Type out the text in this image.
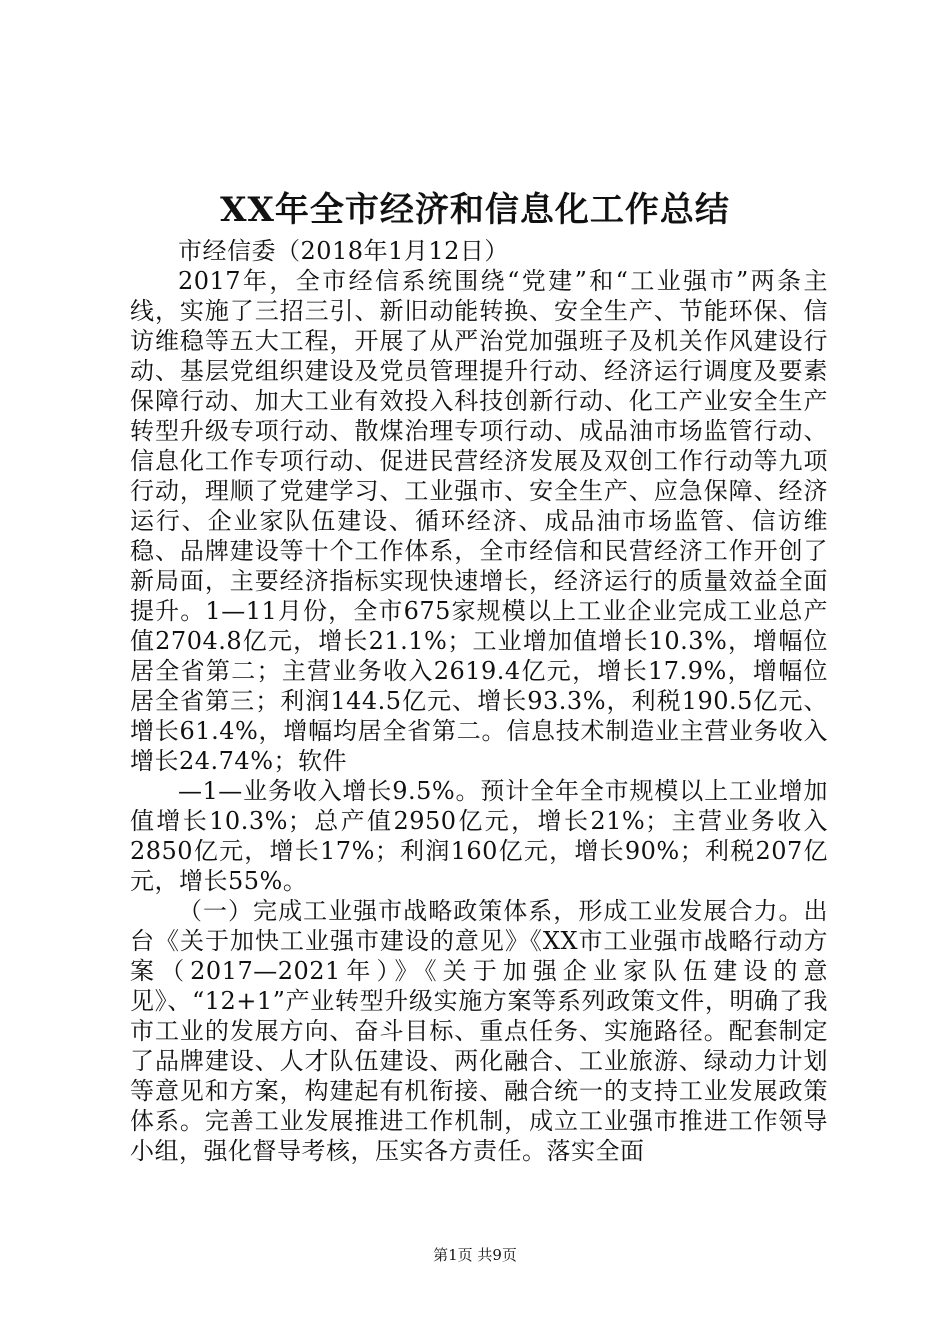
XX年全市经济和信息化工作总结

市经信委（2018年1月12日）

2017年，全市经信系统围绕“党建”和“工业强市”两条主线，实施了三招三引、新旧动能转换、安全生产、节能环保、信访维稳等五大工程，开展了从严治党加强班子及机关作风建设行动、基层党组织建设及党员管理提升行动、经济运行调度及要素保障行动、加大工业有效投入科技创新行动、化工产业安全生产转型升级专项行动、散煤治理专项行动、成品油市场监管行动、信息化工作专项行动、促进民营经济发展及双创工作行动等九项行动，理顺了党建学习、工业强市、安全生产、应急保障、经济运行、企业家队伍建设、循环经济、成品油市场监管、信访维稳、品牌建设等十个工作体系，全市经信和民营经济工作开创了新局面，主要经济指标实现快速增长，经济运行的质量效益全面提升。1—11月份，全市675家规模以上工业企业完成工业总产值2704.8亿元，增长21.1%；工业增加值增长10.3%，增幅位居全省第二；主营业务收入2619.4亿元，增长17.9%，增幅位居全省第三；利润144.5亿元、增长93.3%，利税190.5亿元、增长61.4%，增幅均居全省第二。信息技术制造业主营业务收入增长24.74%；软件

—1—业务收入增长9.5%。预计全年全市规模以上工业增加值增长10.3%；总产值2950亿元，增长21%；主营业务收入2850亿元，增长17%；利润160亿元，增长90%；利税207亿元，增长55%。

（一）完成工业强市战略政策体系，形成工业发展合力。出台《关于加快工业强市建设的意见》《XX市工业强市战略行动方案（2017—2021年）》《关于加强企业家队伍建设的意见》、“12+1”产业转型升级实施方案等系列政策文件，明确了我市工业的发展方向、奋斗目标、重点任务、实施路径。配套制定了品牌建设、人才队伍建设、两化融合、工业旅游、绿动力计划等意见和方案，构建起有机衔接、融合统一的支持工业发展政策体系。完善工业发展推进工作机制，成立工业强市推进工作领导小组，强化督导考核，压实各方责任。落实全面

第1页 共9页
